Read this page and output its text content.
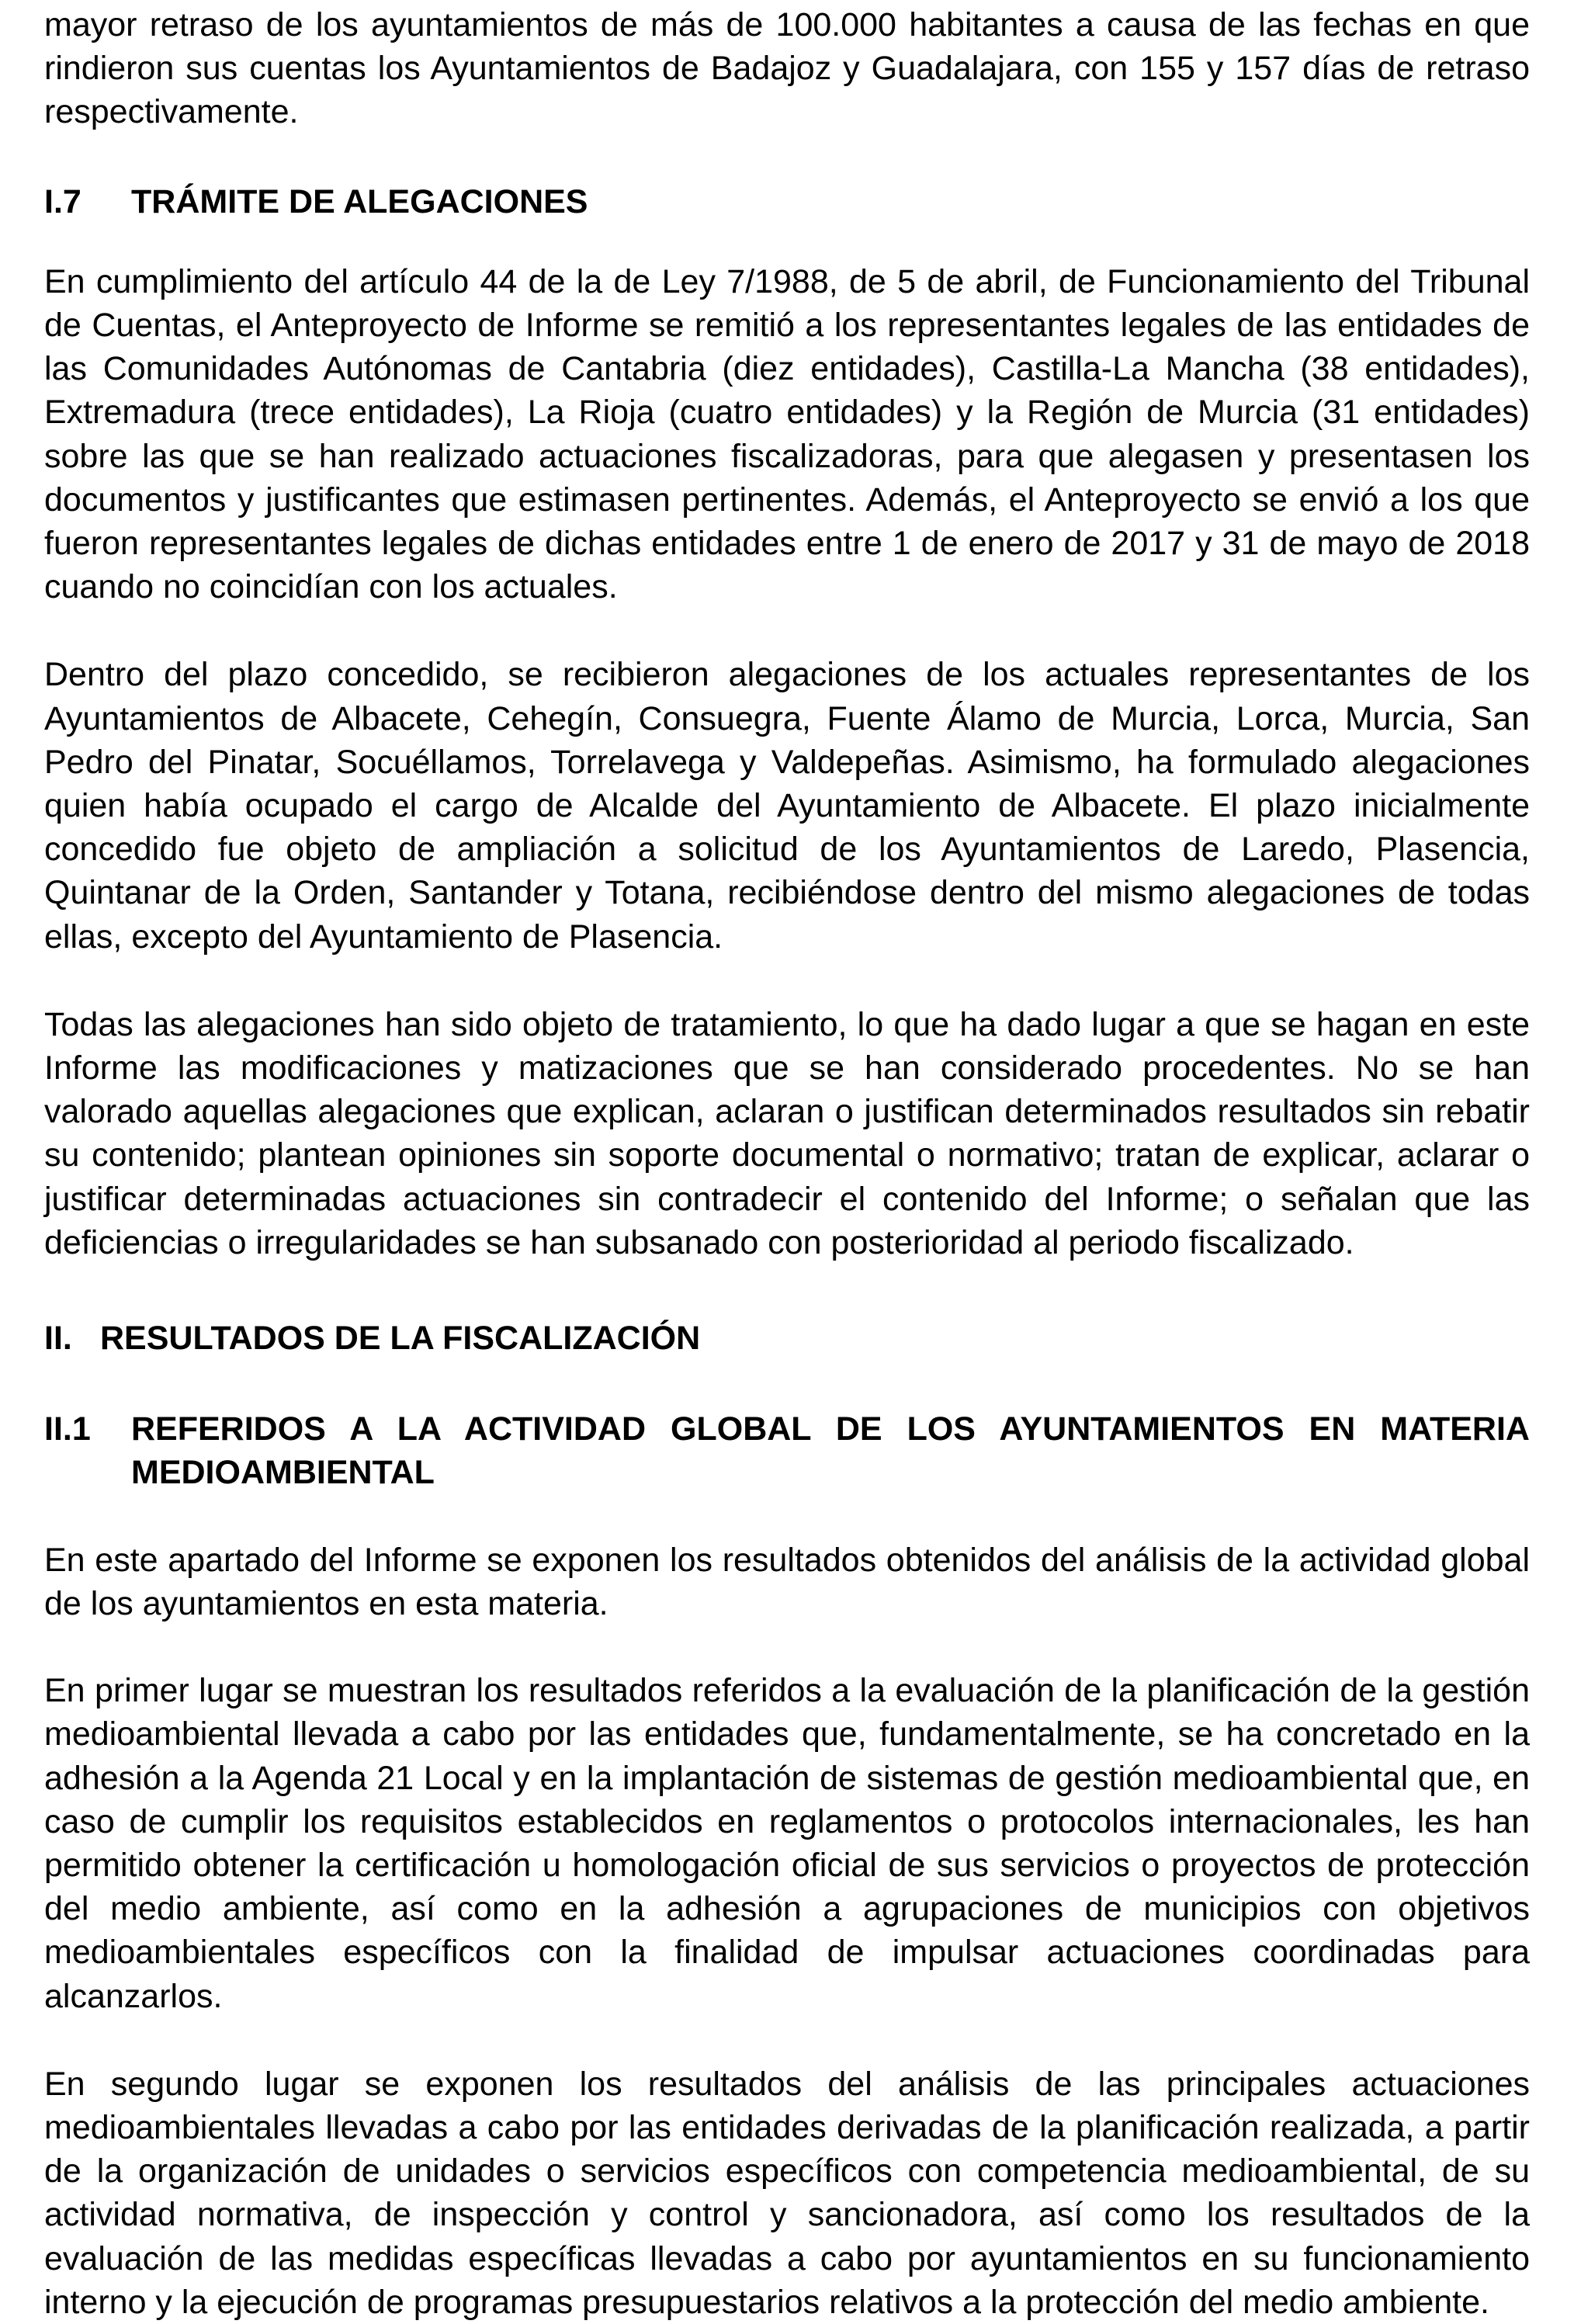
mayor retraso de los ayuntamientos de más de 100.000 habitantes a causa de las fechas en que rindieron sus cuentas los Ayuntamientos de Badajoz y Guadalajara, con 155 y 157 días de retraso respectivamente.

I.7	TRÁMITE DE ALEGACIONES

En cumplimiento del artículo 44 de la de Ley 7/1988, de 5 de abril, de Funcionamiento del Tribunal de Cuentas, el Anteproyecto de Informe se remitió a los representantes legales de las entidades de las Comunidades Autónomas de Cantabria (diez entidades), Castilla-La Mancha (38 entidades), Extremadura (trece entidades), La Rioja (cuatro entidades) y la Región de Murcia (31 entidades) sobre las que se han realizado actuaciones fiscalizadoras, para que alegasen y presentasen los documentos y justificantes que estimasen pertinentes. Además, el Anteproyecto se envió a los que fueron representantes legales de dichas entidades entre 1 de enero de 2017 y 31 de mayo de 2018 cuando no coincidían con los actuales.

Dentro del plazo concedido, se recibieron alegaciones de los actuales representantes de los Ayuntamientos de Albacete, Cehegín, Consuegra, Fuente Álamo de Murcia, Lorca, Murcia, San Pedro del Pinatar, Socuéllamos, Torrelavega y Valdepeñas. Asimismo, ha formulado alegaciones quien había ocupado el cargo de Alcalde del Ayuntamiento de Albacete. El plazo inicialmente concedido fue objeto de ampliación a solicitud de los Ayuntamientos de Laredo, Plasencia, Quintanar de la Orden, Santander y Totana, recibiéndose dentro del mismo alegaciones de todas ellas, excepto del Ayuntamiento de Plasencia.

Todas las alegaciones han sido objeto de tratamiento, lo que ha dado lugar a que se hagan en este Informe las modificaciones y matizaciones que se han considerado procedentes. No se han valorado aquellas alegaciones que explican, aclaran o justifican determinados resultados sin rebatir su contenido; plantean opiniones sin soporte documental o normativo; tratan de explicar, aclarar o justificar determinadas actuaciones sin contradecir el contenido del Informe; o señalan que las deficiencias o irregularidades se han subsanado con posterioridad al periodo fiscalizado.

II. RESULTADOS DE LA FISCALIZACIÓN
II.1	REFERIDOS A LA ACTIVIDAD GLOBAL DE LOS AYUNTAMIENTOS EN MATERIA MEDIOAMBIENTAL

En este apartado del Informe se exponen los resultados obtenidos del análisis de la actividad global de los ayuntamientos en esta materia.

En primer lugar se muestran los resultados referidos a la evaluación de la planificación de la gestión medioambiental llevada a cabo por las entidades que, fundamentalmente, se ha concretado en la adhesión a la Agenda 21 Local y en la implantación de sistemas de gestión medioambiental que, en caso de cumplir los requisitos establecidos en reglamentos o protocolos internacionales, les han permitido obtener la certificación u homologación oficial de sus servicios o proyectos de protección del medio ambiente, así como en la adhesión a agrupaciones de municipios con objetivos medioambientales específicos con la finalidad de impulsar actuaciones coordinadas para alcanzarlos.

En segundo lugar se exponen los resultados del análisis de las principales actuaciones medioambientales llevadas a cabo por las entidades derivadas de la planificación realizada, a partir de la organización de unidades o servicios específicos con competencia medioambiental, de su actividad normativa, de inspección y control y sancionadora, así como los resultados de la evaluación de las medidas específicas llevadas a cabo por ayuntamientos en su funcionamiento interno y la ejecución de programas presupuestarios relativos a la protección del medio ambiente.
